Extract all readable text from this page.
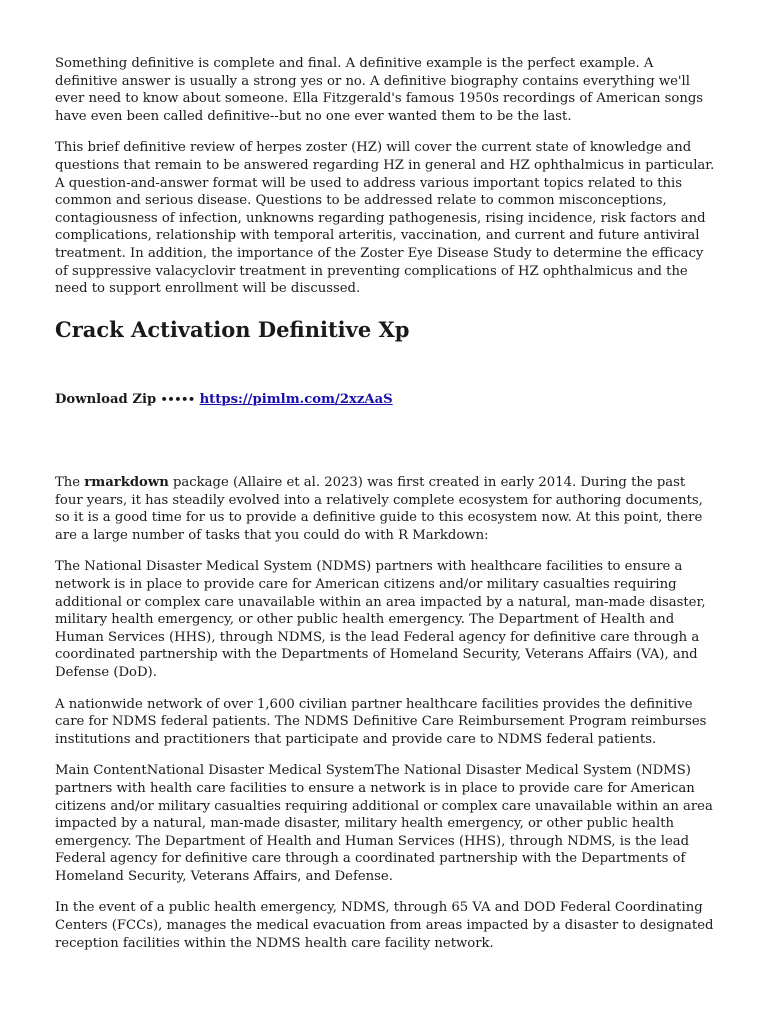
Something definitive is complete and final. A definitive example is the perfect example. A definitive answer is usually a strong yes or no. A definitive biography contains everything we'll ever need to know about someone. Ella Fitzgerald's famous 1950s recordings of American songs have even been called definitive--but no one ever wanted them to be the last.

This brief definitive review of herpes zoster (HZ) will cover the current state of knowledge and questions that remain to be answered regarding HZ in general and HZ ophthalmicus in particular. A question-and-answer format will be used to address various important topics related to this common and serious disease. Questions to be addressed relate to common misconceptions, contagiousness of infection, unknowns regarding pathogenesis, rising incidence, risk factors and complications, relationship with temporal arteritis, vaccination, and current and future antiviral treatment. In addition, the importance of the Zoster Eye Disease Study to determine the efficacy of suppressive valacyclovir treatment in preventing complications of HZ ophthalmicus and the need to support enrollment will be discussed.

Crack Activation Definitive Xp
Download Zip ∙∙∙∙∙ https://pimlm.com/2xzAaS

The rmarkdown package (Allaire et al. 2023) was first created in early 2014. During the past four years, it has steadily evolved into a relatively complete ecosystem for authoring documents, so it is a good time for us to provide a definitive guide to this ecosystem now. At this point, there are a large number of tasks that you could do with R Markdown:

The National Disaster Medical System (NDMS) partners with healthcare facilities to ensure a network is in place to provide care for American citizens and/or military casualties requiring additional or complex care unavailable within an area impacted by a natural, man-made disaster, military health emergency, or other public health emergency. The Department of Health and Human Services (HHS), through NDMS, is the lead Federal agency for definitive care through a coordinated partnership with the Departments of Homeland Security, Veterans Affairs (VA), and Defense (DoD).

A nationwide network of over 1,600 civilian partner healthcare facilities provides the definitive care for NDMS federal patients. The NDMS Definitive Care Reimbursement Program reimburses institutions and practitioners that participate and provide care to NDMS federal patients.

Main ContentNational Disaster Medical SystemThe National Disaster Medical System (NDMS) partners with health care facilities to ensure a network is in place to provide care for American citizens and/or military casualties requiring additional or complex care unavailable within an area impacted by a natural, man-made disaster, military health emergency, or other public health emergency. The Department of Health and Human Services (HHS), through NDMS, is the lead Federal agency for definitive care through a coordinated partnership with the Departments of Homeland Security, Veterans Affairs, and Defense.

In the event of a public health emergency, NDMS, through 65 VA and DOD Federal Coordinating Centers (FCCs), manages the medical evacuation from areas impacted by a disaster to designated reception facilities within the NDMS health care facility network.
